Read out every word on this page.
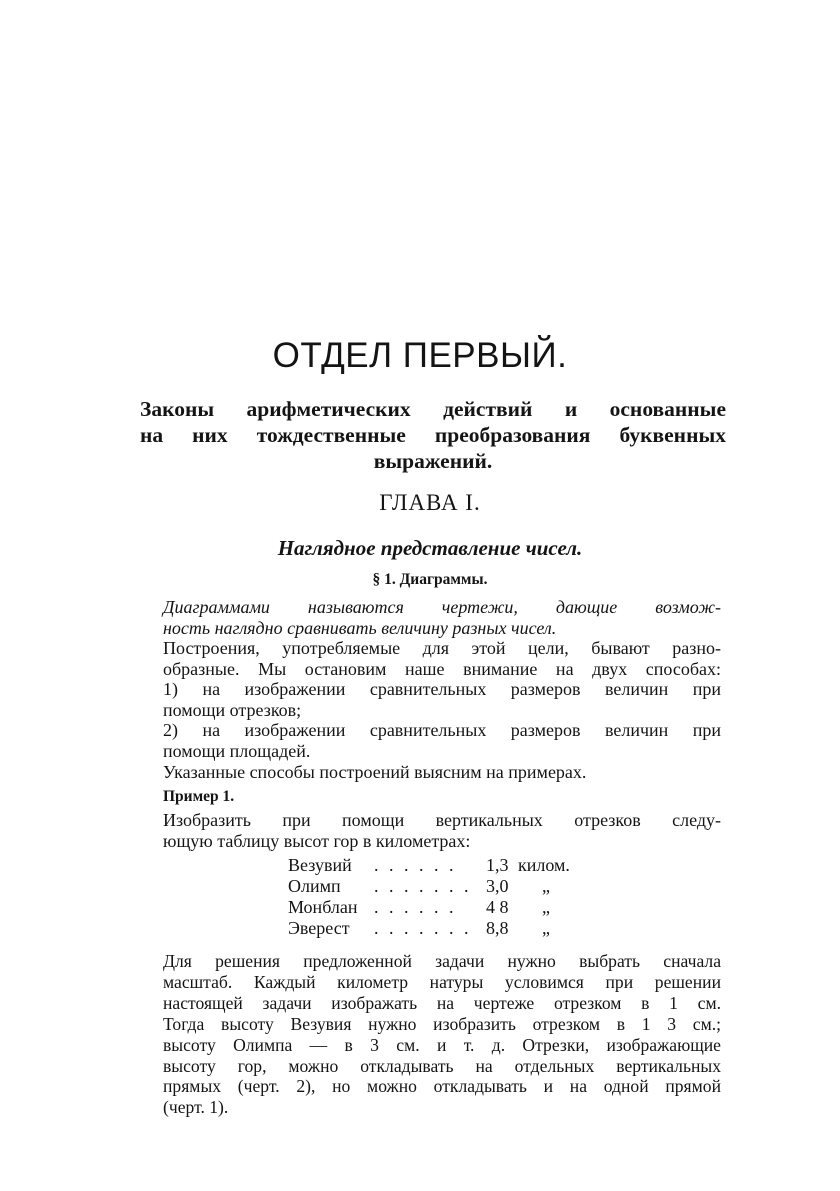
ОТДЕЛ ПЕРВЫЙ.
Законы арифметических действий и основанные
на них тождественные преобразования буквенных
выражений.
ГЛАВА I.
Наглядное представление чисел.
§ 1. Диаграммы.

Диаграммами называются чертежи, дающие возмож-
ность наглядно сравнивать величину разных чисел.

Построения, употребляемые для этой цели, бывают разно-
образные. Мы остановим наше внимание на двух способах:
1) на изображении сравнительных размеров величин при
помощи отрезков;
2) на изображении сравнительных размеров величин при
помощи площадей.
Указанные способы построений выясним на примерах.
Пример 1.

Изобразить при помощи вертикальных отрезков следу-
ющую таблицу высот гор в километрах:

Везувий	. . . . . .	1,3	килом.
Олимп	. . . . . . .	3,0	„
Монблан	. . . . . .	4 8	„
Эверест	. . . . . . .	8,8	„

Для решения предложенной задачи нужно выбрать сначала
масштаб. Каждый километр натуры условимся при решении
настоящей задачи изображать на чертеже отрезком в 1 см.
Тогда высоту Везувия нужно изобразить отрезком в 1 3 см.;
высоту Олимпа — в 3 см. и т. д. Отрезки, изображающие
высоту гор, можно откладывать на отдельных вертикальных
прямых (черт. 2), но можно откладывать и на одной прямой
(черт. 1).
